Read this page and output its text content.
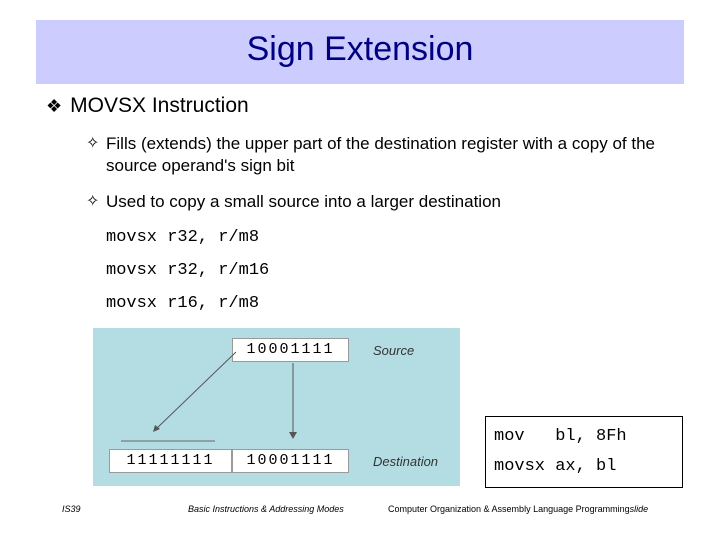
Sign Extension
❖ MOVSX Instruction
✧ Fills (extends) the upper part of the destination register with a copy of the source operand's sign bit
✧ Used to copy a small source into a larger destination
movsx r32, r/m8
movsx r32, r/m16
movsx r16, r/m8
10001111	Source
11111111	10001111	Destination

mov   bl, 8Fh

movsx ax, bl

IS39	Basic Instructions & Addressing Modes	Computer Organization & Assembly Language Programmingslide
